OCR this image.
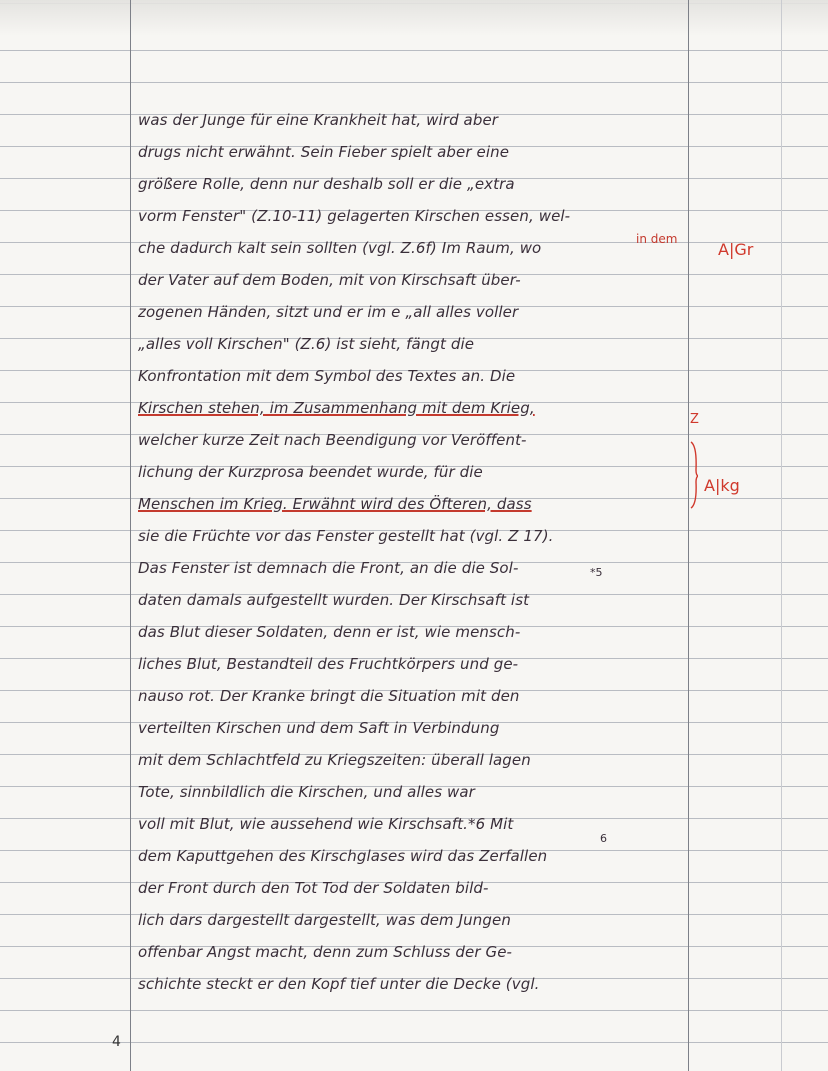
was der Junge für eine Krankheit hat, wird aber
drugs nicht erwähnt. Sein Fieber spielt aber eine
größere Rolle, denn nur deshalb soll er die „extra
vorm Fenster" (Z.10-11) gelagerten Kirschen essen, wel-
che dadurch kalt sein sollten (vgl. Z.6f) Im Raum, wo
der Vater auf dem Boden, mit von Kirschsaft über-
zogenen Händen, sitzt und er im e „all alles voller
„alles voll Kirschen" (Z.6) ist sieht, fängt die
Konfrontation mit dem Symbol des Textes an. Die
Kirschen stehen, im Zusammenhang mit dem Krieg,
welcher kurze Zeit nach Beendigung vor Veröffent-
lichung der Kurzprosa beendet wurde, für die
Menschen im Krieg. Erwähnt wird des Öfteren, dass
sie die Früchte vor das Fenster gestellt hat (vgl. Z 17).
Das Fenster ist demnach die Front, an die die Sol-
daten damals aufgestellt wurden. Der Kirschsaft ist
das Blut dieser Soldaten, denn er ist, wie mensch-
liches Blut, Bestandteil des Fruchtkörpers und ge-
nauso rot. Der Kranke bringt die Situation mit den
verteilten Kirschen und dem Saft in Verbindung
mit dem Schlachtfeld zu Kriegszeiten: überall lagen
Tote, sinnbildlich die Kirschen, und alles war
voll mit Blut, wie aussehend wie Kirschsaft.*6 Mit
dem Kaputtgehen des Kirschglases wird das Zerfallen
der Front durch den Tot Tod der Soldaten bild-
lich dars dargestellt dargestellt, was dem Jungen
offenbar Angst macht, denn zum Schluss der Ge-
schichte steckt er den Kopf tief unter die Decke (vgl.
in dem
A|Gr
Z
A|kg
*5
6
4
